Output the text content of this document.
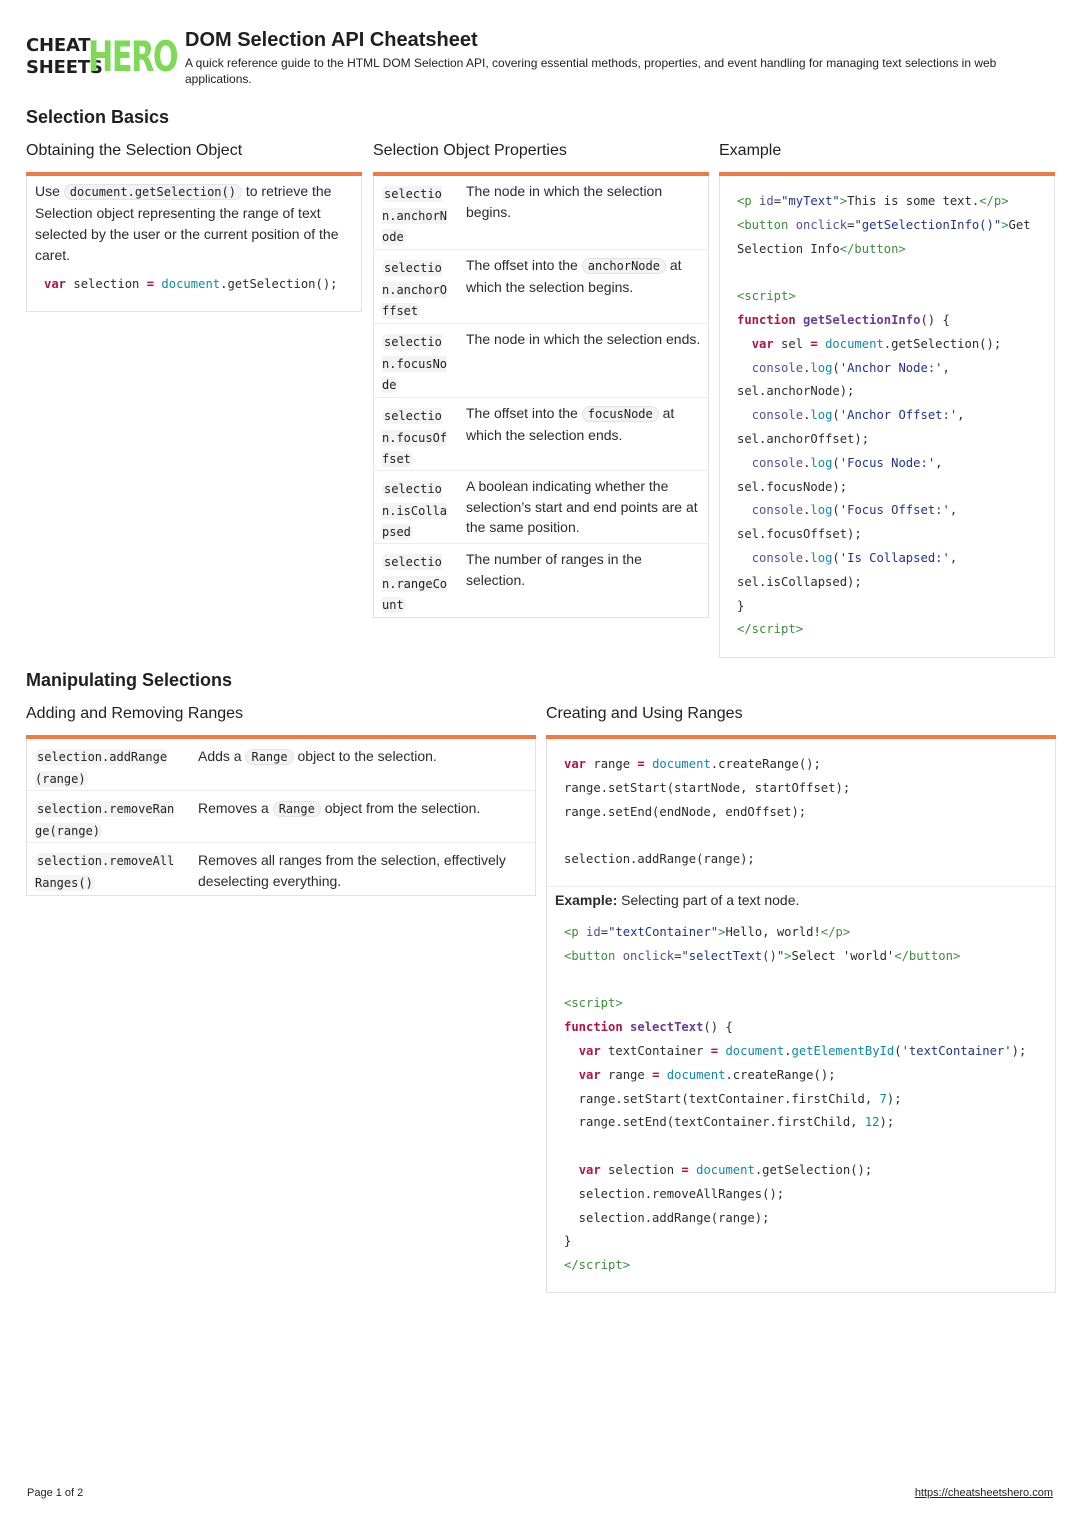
CHEAT
SHEETS
HERO DOM Selection API Cheatsheet
A quick reference guide to the HTML DOM Selection API, covering essential methods, properties, and event handling for managing text selections in web applications.
Selection Basics
Obtaining the Selection Object
Use document.getSelection() to retrieve the Selection object representing the range of text selected by the user or the current position of the caret.
var selection = document.getSelection();
Selection Object Properties
selection.anchorNode
The node in which the selection begins.
selection.anchorOffset
The offset into the anchorNode at which the selection begins.
selection.focusNode
The node in which the selection ends.
selection.focusOffset
The offset into the focusNode at which the selection ends.
selection.isCollapsed
A boolean indicating whether the selection’s start and end points are at the same position.
selection.rangeCount
The number of ranges in the selection.
Example
<p id="myText">This is some text.</p>
<button onclick="getSelectionInfo()">Get
Selection Info</button>

<script>
function getSelectionInfo() {
var sel = document.getSelection();
console.log('Anchor Node:',
sel.anchorNode);
console.log('Anchor Offset:',
sel.anchorOffset);
console.log('Focus Node:',
sel.focusNode);
console.log('Focus Offset:',
sel.focusOffset);
console.log('Is Collapsed:',
sel.isCollapsed);
}
</script>
Manipulating Selections
Adding and Removing Ranges
selection.addRange(range)
Adds a Range object to the selection.
selection.removeRange(range)
Removes a Range object from the selection.
selection.removeAllRanges()
Removes all ranges from the selection, effectively deselecting everything.
Creating and Using Ranges
var range = document.createRange();
range.setStart(startNode, startOffset);
range.setEnd(endNode, endOffset);

selection.addRange(range);
Example: Selecting part of a text node.
<p id="textContainer">Hello, world!</p>
<button onclick="selectText()">Select 'world'</button>

<script>
function selectText() {
var textContainer = document.getElementById('textContainer');
var range = document.createRange();
range.setStart(textContainer.firstChild, 7);
range.setEnd(textContainer.firstChild, 12);

var selection = document.getSelection();
selection.removeAllRanges();
selection.addRange(range);
}
</script>
Page 1 of 2	https://cheatsheetshero.com
